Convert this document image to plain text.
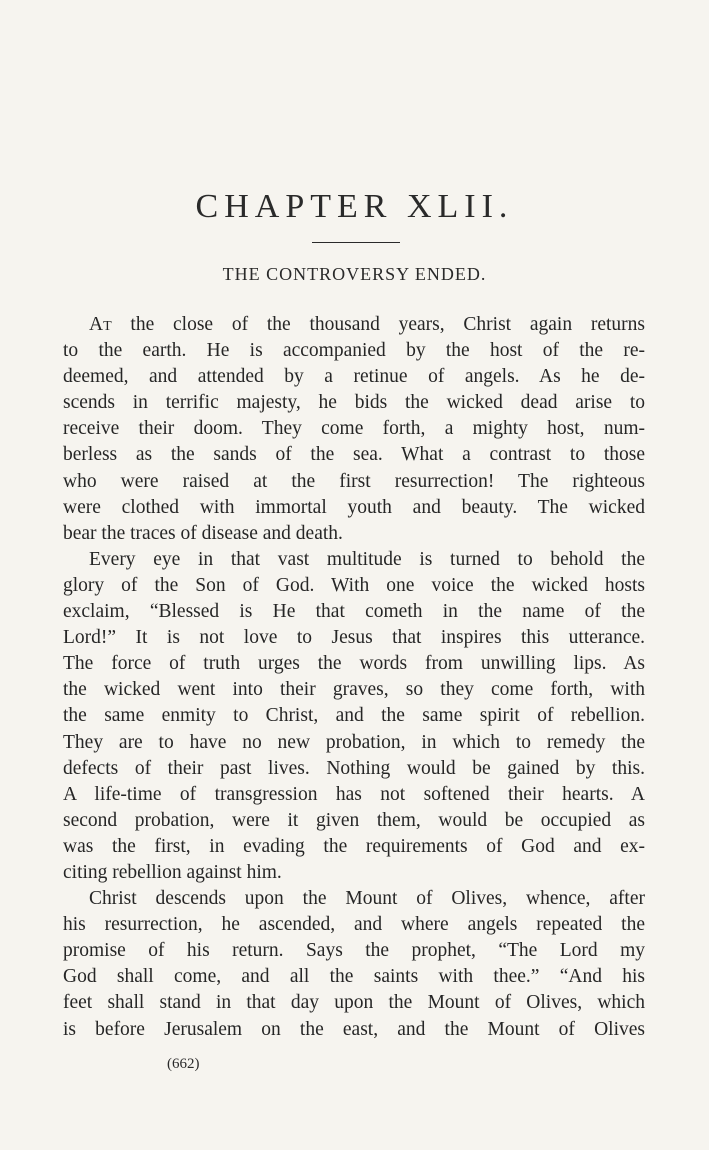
CHAPTER XLII.
THE CONTROVERSY ENDED.
At the close of the thousand years, Christ again returns
to the earth. He is accompanied by the host of the re-
deemed, and attended by a retinue of angels. As he de-
scends in terrific majesty, he bids the wicked dead arise to
receive their doom. They come forth, a mighty host, num-
berless as the sands of the sea. What a contrast to those
who were raised at the first resurrection! The righteous
were clothed with immortal youth and beauty. The wicked
bear the traces of disease and death.
Every eye in that vast multitude is turned to behold the
glory of the Son of God. With one voice the wicked hosts
exclaim, “Blessed is He that cometh in the name of the
Lord!” It is not love to Jesus that inspires this utterance.
The force of truth urges the words from unwilling lips. As
the wicked went into their graves, so they come forth, with
the same enmity to Christ, and the same spirit of rebellion.
They are to have no new probation, in which to remedy the
defects of their past lives. Nothing would be gained by this.
A life-time of transgression has not softened their hearts. A
second probation, were it given them, would be occupied as
was the first, in evading the requirements of God and ex-
citing rebellion against him.
Christ descends upon the Mount of Olives, whence, after
his resurrection, he ascended, and where angels repeated the
promise of his return. Says the prophet, “The Lord my
God shall come, and all the saints with thee.” “And his
feet shall stand in that day upon the Mount of Olives, which
is before Jerusalem on the east, and the Mount of Olives
(662)
